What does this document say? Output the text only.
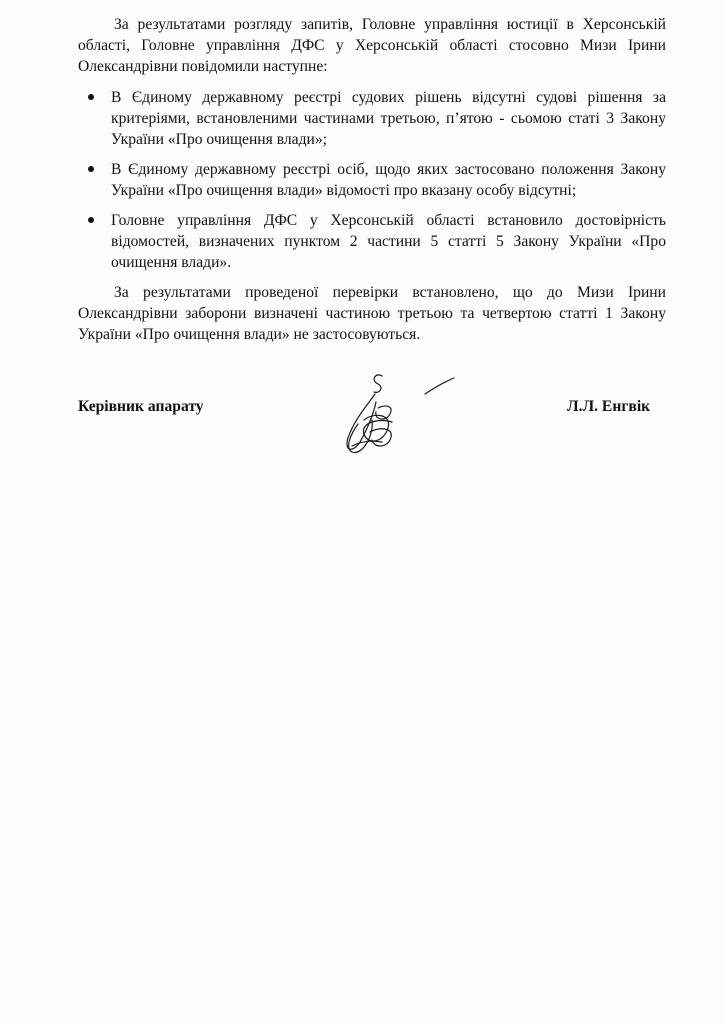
За результатами розгляду запитів, Головне управління юстиції в Херсонській області, Головне управління ДФС у Херсонській області стосовно Мизи Ірини Олександрівни повідомили наступне:

В Єдиному державному реєстрі судових рішень відсутні судові рішення за критеріями, встановленими частинами третьою, п’ятою - сьомою статі 3 Закону України «Про очищення влади»;
В Єдиному державному реєстрі осіб, щодо яких застосовано положення Закону України «Про очищення влади» відомості про вказану особу відсутні;
Головне управління ДФС у Херсонській області встановило достовірність відомостей, визначених пунктом 2 частини 5 статті 5 Закону України «Про очищення влади».

За результатами проведеної перевірки встановлено, що до Мизи Ірини Олександрівни заборони визначені частиною третьою та четвертою статті 1 Закону України «Про очищення влади» не застосовуються.

Керівник апарату	Л.Л. Енгвік
